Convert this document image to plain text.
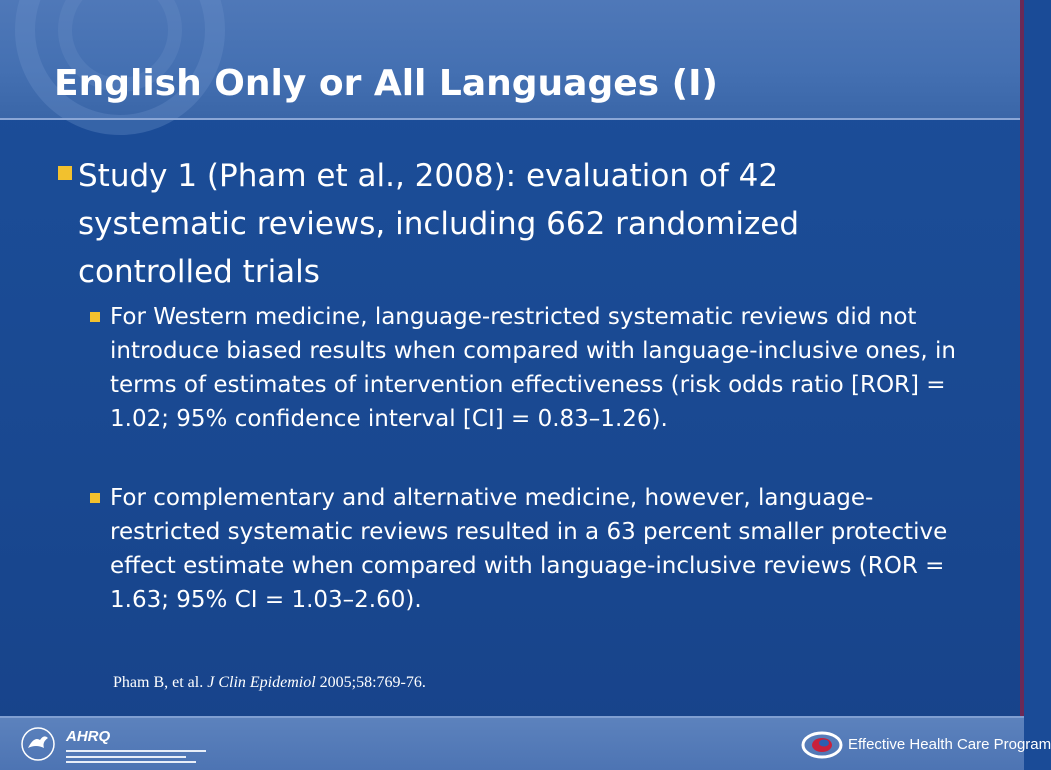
English Only or All Languages (I)
Study 1 (Pham et al., 2008): evaluation of 42 systematic reviews, including 662 randomized controlled trials
For Western medicine, language-restricted systematic reviews did not introduce biased results when compared with language-inclusive ones, in terms of estimates of intervention effectiveness (risk odds ratio [ROR] = 1.02; 95% confidence interval [CI] = 0.83–1.26).
For complementary and alternative medicine, however, language-restricted systematic reviews resulted in a 63 percent smaller protective effect estimate when compared with language-inclusive reviews (ROR = 1.63; 95% CI = 1.03–2.60).
Pham B, et al. J Clin Epidemiol 2005;58:769-76.
AHRQ	Effective Health Care Program
